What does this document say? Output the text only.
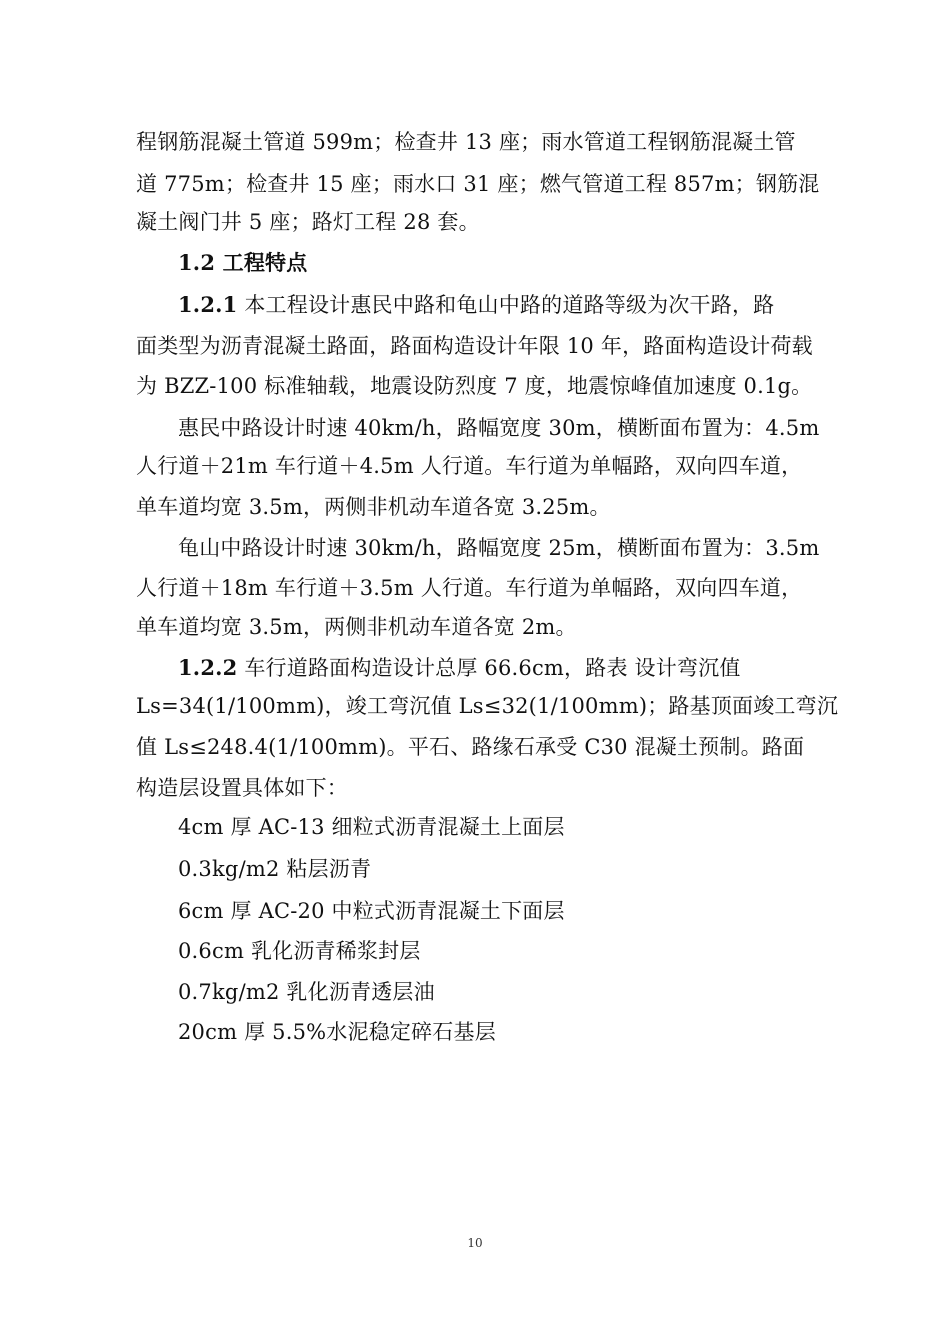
程钢筋混凝土管道 599m；检查井 13 座；雨水管道工程钢筋混凝土管
道 775m；检查井 15 座；雨水口 31 座；燃气管道工程 857m；钢筋混
凝土阀门井 5 座；路灯工程 28 套。
1.2 工程特点
1.2.1 本工程设计惠民中路和龟山中路的道路等级为次干路，路
面类型为沥青混凝土路面，路面构造设计年限 10 年，路面构造设计荷载
为 BZZ-100 标准轴载，地震设防烈度 7 度，地震惊峰值加速度 0.1g。
惠民中路设计时速 40km/h，路幅宽度 30m，横断面布置为：4.5m
人行道＋21m 车行道＋4.5m 人行道。车行道为单幅路，双向四车道，
单车道均宽 3.5m，两侧非机动车道各宽 3.25m。
龟山中路设计时速 30km/h，路幅宽度 25m，横断面布置为：3.5m
人行道＋18m 车行道＋3.5m 人行道。车行道为单幅路，双向四车道，
单车道均宽 3.5m，两侧非机动车道各宽 2m。
1.2.2 车行道路面构造设计总厚 66.6cm，路表 设计弯沉值
Ls=34(1/100mm)，竣工弯沉值 Ls≤32(1/100mm)；路基顶面竣工弯沉
值 Ls≤248.4(1/100mm)。平石、路缘石承受 C30 混凝土预制。路面
构造层设置具体如下：
4cm 厚 AC-13 细粒式沥青混凝土上面层
0.3kg/m2 粘层沥青
6cm 厚 AC-20 中粒式沥青混凝土下面层
0.6cm 乳化沥青稀浆封层
0.7kg/m2 乳化沥青透层油
20cm 厚 5.5%水泥稳定碎石基层
10
